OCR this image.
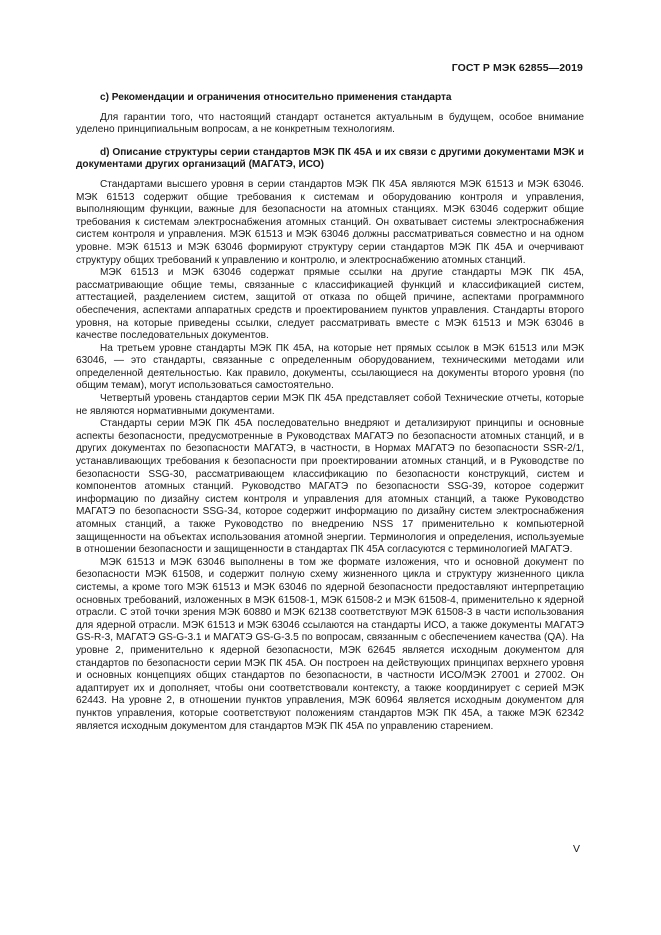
ГОСТ Р МЭК 62855—2019

c) Рекомендации и ограничения относительно применения стандарта

Для гарантии того, что настоящий стандарт останется актуальным в будущем, особое внимание уделено принципиальным вопросам, а не конкретным технологиям.

d) Описание структуры серии стандартов МЭК ПК 45А и их связи с другими документами МЭК и документами других организаций (МАГАТЭ, ИСО)

Стандартами высшего уровня в серии стандартов МЭК ПК 45А являются МЭК 61513 и МЭК 63046. МЭК 61513 содержит общие требования к системам и оборудованию контроля и управления, выполняющим функции, важные для безопасности на атомных станциях. МЭК 63046 содержит общие требования к системам электроснабжения атомных станций. Он охватывает системы электроснабжения систем контроля и управления. МЭК 61513 и МЭК 63046 должны рассматриваться совместно и на одном уровне. МЭК 61513 и МЭК 63046 формируют структуру серии стандартов МЭК ПК 45А и очерчивают структуру общих требований к управлению и контролю, и электроснабжению атомных станций.

МЭК 61513 и МЭК 63046 содержат прямые ссылки на другие стандарты МЭК ПК 45А, рассматривающие общие темы, связанные с классификацией функций и классификацией систем, аттестацией, разделением систем, защитой от отказа по общей причине, аспектами программного обеспечения, аспектами аппаратных средств и проектированием пунктов управления. Стандарты второго уровня, на которые приведены ссылки, следует рассматривать вместе с МЭК 61513 и МЭК 63046 в качестве последовательных документов.

На третьем уровне стандарты МЭК ПК 45А, на которые нет прямых ссылок в МЭК 61513 или МЭК 63046, — это стандарты, связанные с определенным оборудованием, техническими методами или определенной деятельностью. Как правило, документы, ссылающиеся на документы второго уровня (по общим темам), могут использоваться самостоятельно.

Четвертый уровень стандартов серии МЭК ПК 45А представляет собой Технические отчеты, которые не являются нормативными документами.

Стандарты серии МЭК ПК 45А последовательно внедряют и детализируют принципы и основные аспекты безопасности, предусмотренные в Руководствах МАГАТЭ по безопасности атомных станций, и в других документах по безопасности МАГАТЭ, в частности, в Нормах МАГАТЭ по безопасности SSR-2/1, устанавливающих требования к безопасности при проектировании атомных станций, и в Руководстве по безопасности SSG-30, рассматривающем классификацию по безопасности конструкций, систем и компонентов атомных станций. Руководство МАГАТЭ по безопасности SSG-39, которое содержит информацию по дизайну систем контроля и управления для атомных станций, а также Руководство МАГАТЭ по безопасности SSG-34, которое содержит информацию по дизайну систем электроснабжения атомных станций, а также Руководство по внедрению NSS 17 применительно к компьютерной защищенности на объектах использования атомной энергии. Терминология и определения, используемые в отношении безопасности и защищенности в стандартах ПК 45А согласуются с терминологией МАГАТЭ.

МЭК 61513 и МЭК 63046 выполнены в том же формате изложения, что и основной документ по безопасности МЭК 61508, и содержит полную схему жизненного цикла и структуру жизненного цикла системы, а кроме того МЭК 61513 и МЭК 63046 по ядерной безопасности предоставляют интерпретацию основных требований, изложенных в МЭК 61508-1, МЭК 61508-2 и МЭК 61508-4, применительно к ядерной отрасли. С этой точки зрения МЭК 60880 и МЭК 62138 соответствуют МЭК 61508-3 в части использования для ядерной отрасли. МЭК 61513 и МЭК 63046 ссылаются на стандарты ИСО, а также документы МАГАТЭ GS-R-3, МАГАТЭ GS-G-3.1 и МАГАТЭ GS-G-3.5 по вопросам, связанным с обеспечением качества (QA). На уровне 2, применительно к ядерной безопасности, МЭК 62645 является исходным документом для стандартов по безопасности серии МЭК ПК 45А. Он построен на действующих принципах верхнего уровня и основных концепциях общих стандартов по безопасности, в частности ИСО/МЭК 27001 и 27002. Он адаптирует их и дополняет, чтобы они соответствовали контексту, а также координирует с серией МЭК 62443. На уровне 2, в отношении пунктов управления, МЭК 60964 является исходным документом для пунктов управления, которые соответствуют положениям стандартов МЭК ПК 45А, а также МЭК 62342 является исходным документом для стандартов МЭК ПК 45А по управлению старением.

V
